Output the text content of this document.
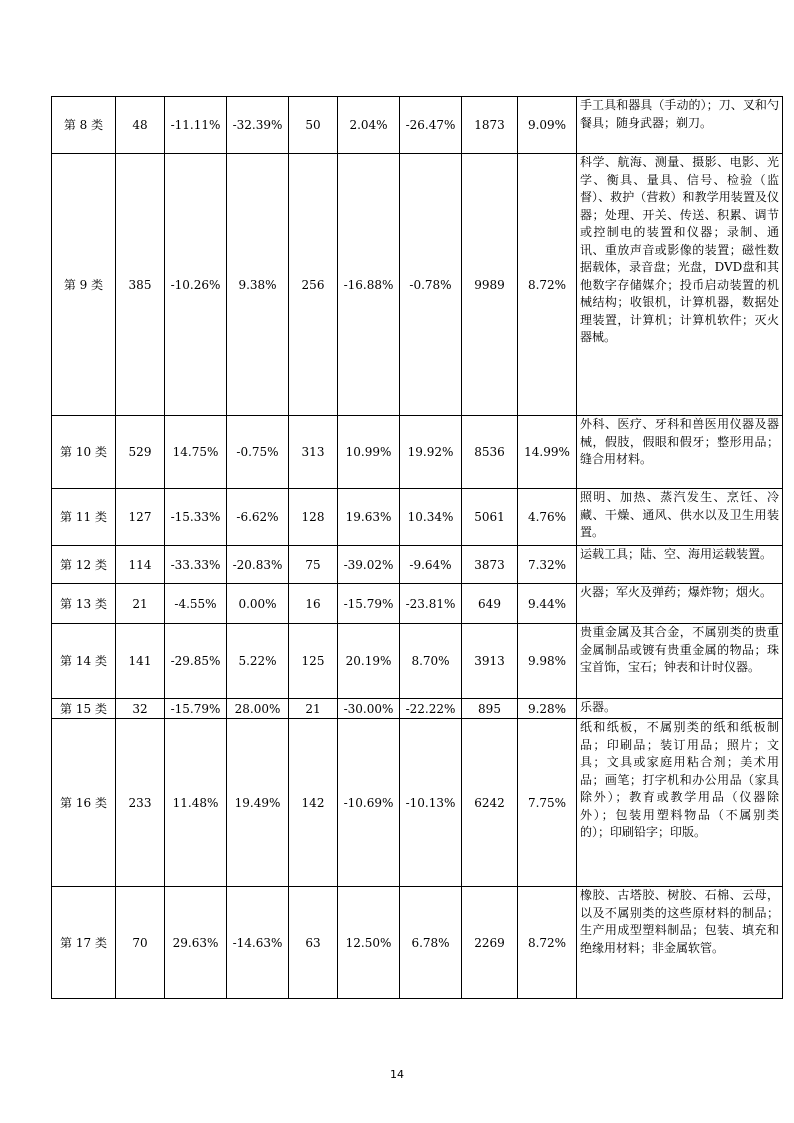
第 8 类	48	-11.11%	-32.39%	50	2.04%	-26.47%	1873	9.09%	手工具和器具（手动的）；刀、叉和勺餐具；随身武器；剃刀。
第 9 类	385	-10.26%	9.38%	256	-16.88%	-0.78%	9989	8.72%	科学、航海、测量、摄影、电影、光学、衡具、量具、信号、检验（监督）、救护（营救）和教学用装置及仪器；处理、开关、传送、积累、调节或控制电的装置和仪器；录制、通讯、重放声音或影像的装置；磁性数据载体，录音盘；光盘，DVD盘和其他数字存储媒介；投币启动装置的机械结构；收银机，计算机器，数据处理装置，计算机；计算机软件；灭火器械。
第 10 类	529	14.75%	-0.75%	313	10.99%	19.92%	8536	14.99%	外科、医疗、牙科和兽医用仪器及器械，假肢，假眼和假牙；整形用品；缝合用材料。
第 11 类	127	-15.33%	-6.62%	128	19.63%	10.34%	5061	4.76%	照明、加热、蒸汽发生、烹饪、冷藏、干燥、通风、供水以及卫生用装置。
第 12 类	114	-33.33%	-20.83%	75	-39.02%	-9.64%	3873	7.32%	运载工具；陆、空、海用运载装置。
第 13 类	21	-4.55%	0.00%	16	-15.79%	-23.81%	649	9.44%	火器；军火及弹药；爆炸物；烟火。
第 14 类	141	-29.85%	5.22%	125	20.19%	8.70%	3913	9.98%	贵重金属及其合金，不属别类的贵重金属制品或镀有贵重金属的物品；珠宝首饰，宝石；钟表和计时仪器。
第 15 类	32	-15.79%	28.00%	21	-30.00%	-22.22%	895	9.28%	乐器。
第 16 类	233	11.48%	19.49%	142	-10.69%	-10.13%	6242	7.75%	纸和纸板，不属别类的纸和纸板制品；印刷品；装订用品；照片；文具；文具或家庭用粘合剂；美术用品；画笔；打字机和办公用品（家具除外）；教育或教学用品（仪器除外）；包装用塑料物品（不属别类的）；印刷铅字；印版。
第 17 类	70	29.63%	-14.63%	63	12.50%	6.78%	2269	8.72%	橡胶、古塔胶、树胶、石棉、云母，以及不属别类的这些原材料的制品；生产用成型塑料制品；包装、填充和绝缘用材料；非金属软管。
14
